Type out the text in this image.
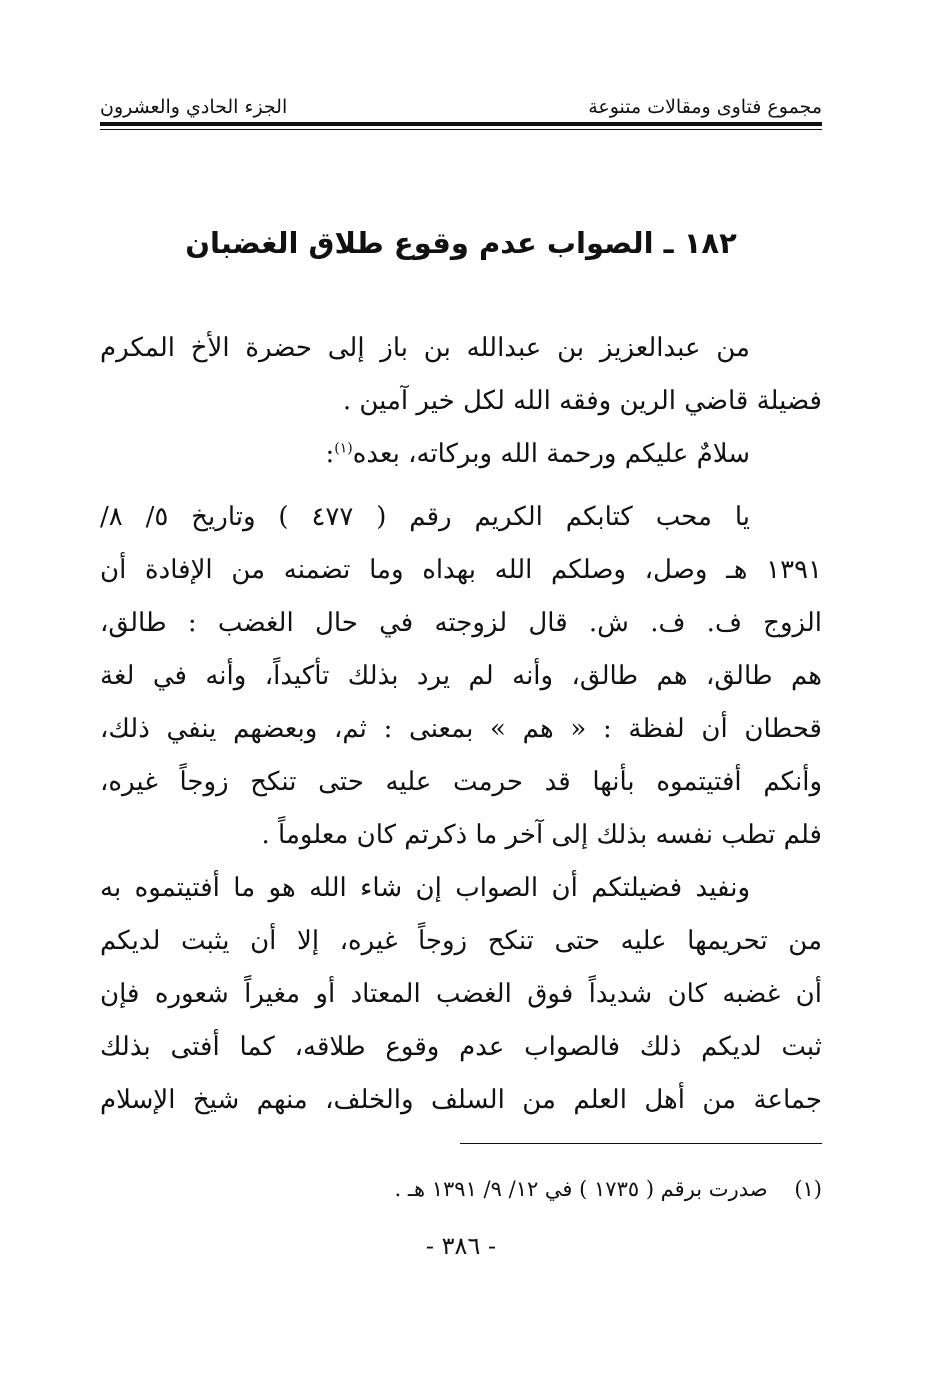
مجموع فتاوى ومقالات متنوعة
الجزء الحادي والعشرون
١٨٢ ـ الصواب عدم وقوع طلاق الغضبان
من عبدالعزيز بن عبدالله بن باز إلى حضرة الأخ المكرم
فضيلة قاضي الرين وفقه الله لكل خير آمين .
سلامٌ عليكم ورحمة الله وبركاته، بعده$^{(١)}$:
يا محب كتابكم الكريم رقم ( ٤٧٧ ) وتاريخ ٥/ ٨/
١٣٩١ هـ وصل، وصلكم الله بهداه وما تضمنه من الإفادة أن
الزوج ف. ف. ش. قال لزوجته في حال الغضب : طالق،
هم طالق، هم طالق، وأنه لم يرد بذلك تأكيداً، وأنه في لغة
قحطان أن لفظة : « هم » بمعنى : ثم، وبعضهم ينفي ذلك،
وأنكم أفتيتموه بأنها قد حرمت عليه حتى تنكح زوجاً غيره،
فلم تطب نفسه بذلك إلى آخر ما ذكرتم كان معلوماً .
ونفيد فضيلتكم أن الصواب إن شاء الله هو ما أفتيتموه به
من تحريمها عليه حتى تنكح زوجاً غيره، إلا أن يثبت لديكم
أن غضبه كان شديداً فوق الغضب المعتاد أو مغيراً شعوره فإن
ثبت لديكم ذلك فالصواب عدم وقوع طلاقه، كما أفتى بذلك
جماعة من أهل العلم من السلف والخلف، منهم شيخ الإسلام
(١)    صدرت برقم ( ١٧٣٥ ) في ١٢/ ٩/ ١٣٩١ هـ .
- ٣٨٦ -
